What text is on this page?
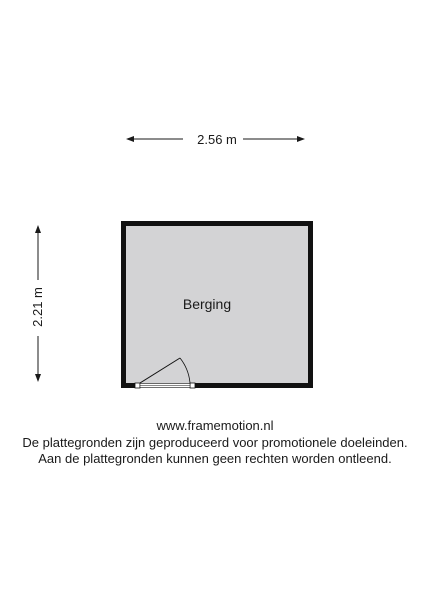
2.56 m
2.21 m	Berging
www.framemotion.nl
De plattegronden zijn geproduceerd voor promotionele doeleinden.
Aan de plattegronden kunnen geen rechten worden ontleend.
